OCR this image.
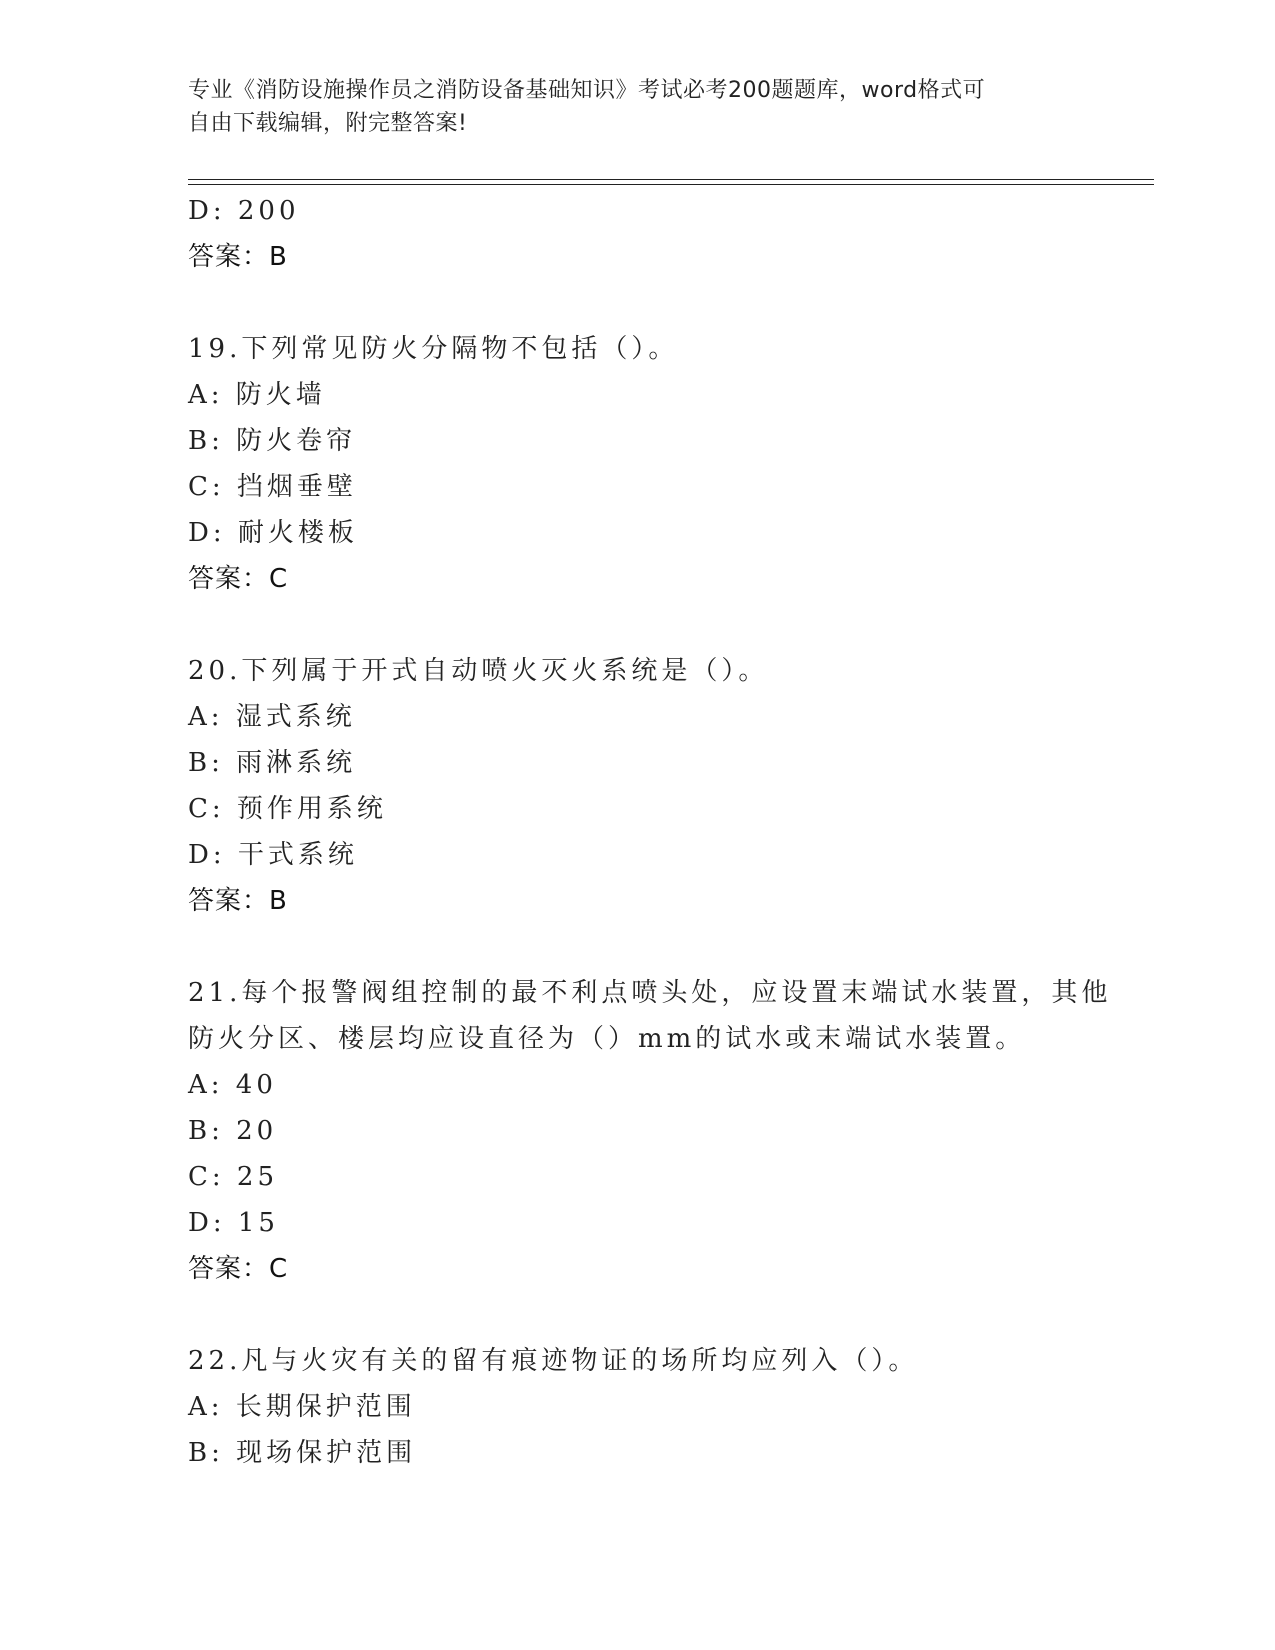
专业《消防设施操作员之消防设备基础知识》考试必考200题题库，word格式可
自由下载编辑，附完整答案!
D: 200
答案：B
19.下列常见防火分隔物不包括（）。
A: 防火墙
B: 防火卷帘
C: 挡烟垂壁
D: 耐火楼板
答案：C
20.下列属于开式自动喷火灭火系统是（）。
A: 湿式系统
B: 雨淋系统
C: 预作用系统
D: 干式系统
答案：B
21.每个报警阀组控制的最不利点喷头处，应设置末端试水装置，其他
防火分区、楼层均应设直径为（）mm的试水或末端试水装置。
A: 40
B: 20
C: 25
D: 15
答案：C
22.凡与火灾有关的留有痕迹物证的场所均应列入（）。
A: 长期保护范围
B: 现场保护范围
